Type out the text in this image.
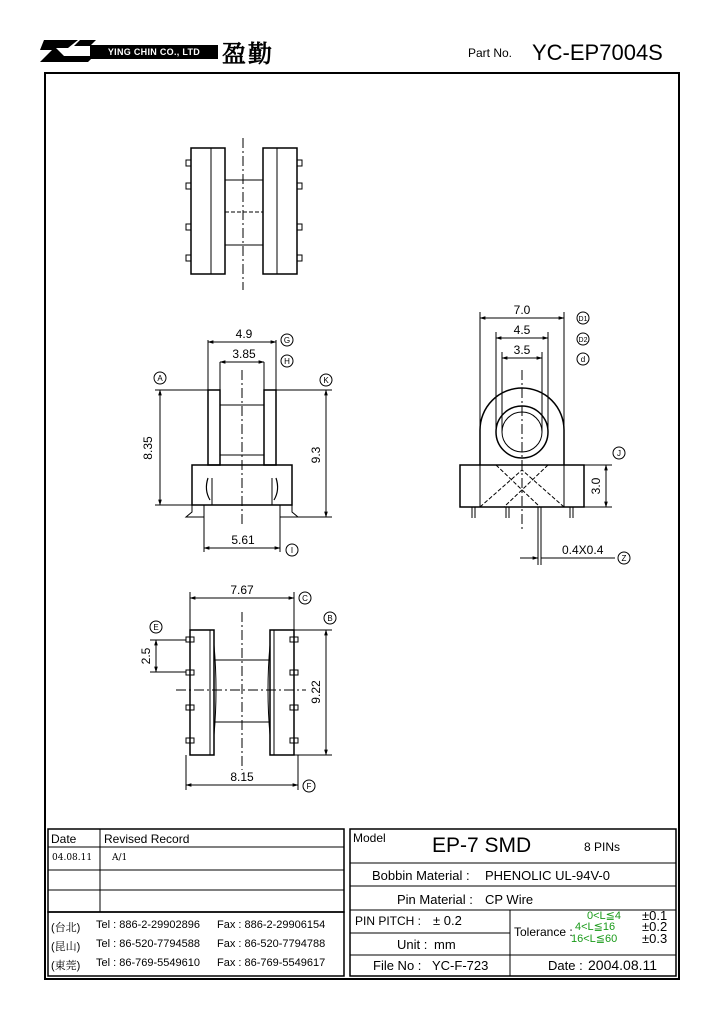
YING CHIN CO., LTD 盈勤	Part No. YC-EP7004S
4.9
3.85
8.35	9.3
5.61
7.0
4.5
3.5
3.0
0.4X0.4
7.67
9.22
2.5
8.15
G
H
A	K
I
D1
D2
d
J
Z
C
B
E
F
Date Revised Record
04.08.11 A/1
(台北) Tel : 886-2-29902896 Fax : 886-2-29906154
(昆山) Tel : 86-520-7794588 Fax : 86-520-7794788
(東莞) Tel : 86-769-5549610 Fax : 86-769-5549617
Model EP-7 SMD	8 PINs
Bobbin Material : PHENOLIC UL-94V-0
Pin Material : CP Wire
PIN PITCH : ± 0.2
Unit : mm
File No : YC-F-723
Tolerance :
0<L≦4 ±0.1
4<L≦16 ±0.2
16<L≦60 ±0.3
Date : 2004.08.11
